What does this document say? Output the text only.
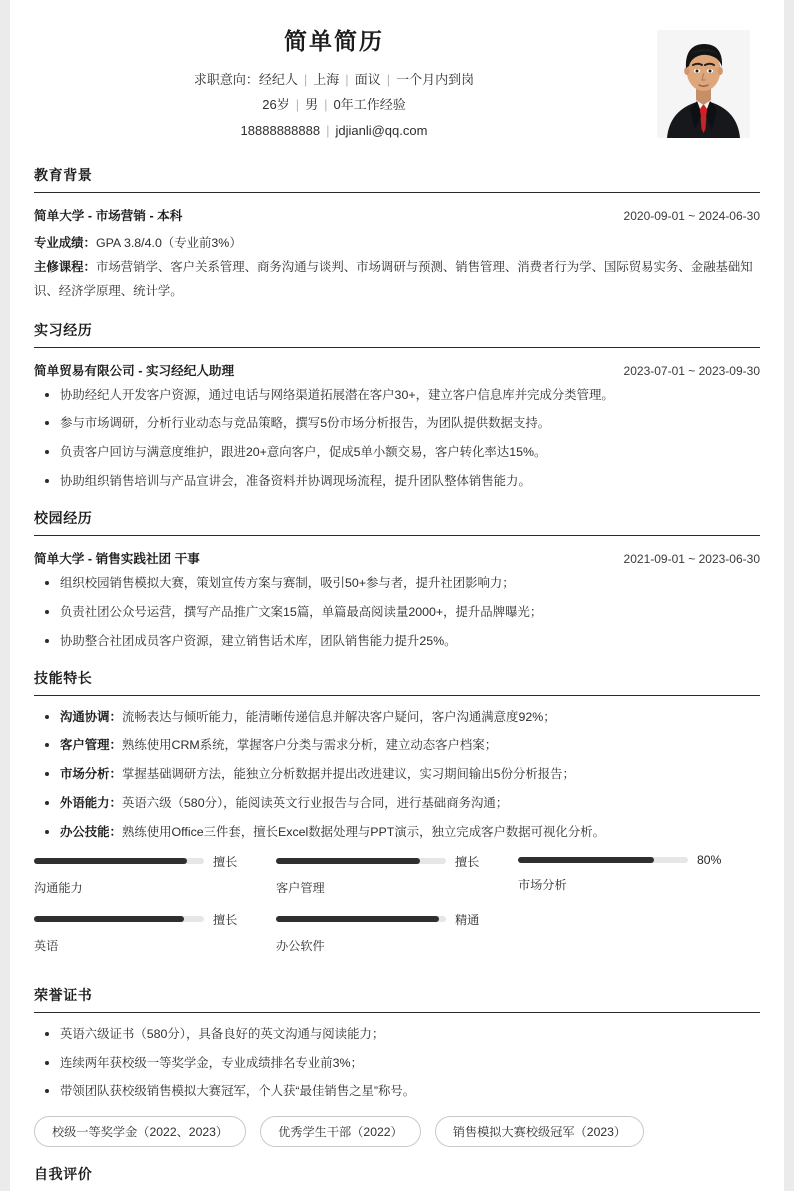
简单简历
求职意向：经纪人 | 上海 | 面议 | 一个月内到岗
26岁 | 男 | 0年工作经验
18888888888 | jdjianli@qq.com
教育背景
简单大学 - 市场营销 - 本科	2020-09-01 ~ 2024-06-30
专业成绩：GPA 3.8/4.0（专业前3%）
主修课程：市场营销学、客户关系管理、商务沟通与谈判、市场调研与预测、销售管理、消费者行为学、国际贸易实务、金融基础知识、经济学原理、统计学。
实习经历
简单贸易有限公司 - 实习经纪人助理	2023-07-01 ~ 2023-09-30
协助经纪人开发客户资源，通过电话与网络渠道拓展潜在客户30+，建立客户信息库并完成分类管理。
参与市场调研，分析行业动态与竞品策略，撰写5份市场分析报告，为团队提供数据支持。
负责客户回访与满意度维护，跟进20+意向客户，促成5单小额交易，客户转化率达15%。
协助组织销售培训与产品宣讲会，准备资料并协调现场流程，提升团队整体销售能力。
校园经历
简单大学 - 销售实践社团 干事	2021-09-01 ~ 2023-06-30
组织校园销售模拟大赛，策划宣传方案与赛制，吸引50+参与者，提升社团影响力；
负责社团公众号运营，撰写产品推广文案15篇，单篇最高阅读量2000+，提升品牌曝光；
协助整合社团成员客户资源，建立销售话术库，团队销售能力提升25%。
技能特长
沟通协调：流畅表达与倾听能力，能清晰传递信息并解决客户疑问，客户沟通满意度92%；
客户管理：熟练使用CRM系统，掌握客户分类与需求分析，建立动态客户档案；
市场分析：掌握基础调研方法，能独立分析数据并提出改进建议，实习期间输出5份分析报告；
外语能力：英语六级（580分），能阅读英文行业报告与合同，进行基础商务沟通；
办公技能：熟练使用Office三件套，擅长Excel数据处理与PPT演示，独立完成客户数据可视化分析。
擅长
沟通能力
擅长
客户管理
80%
市场分析
擅长
英语
精通
办公软件
荣誉证书
英语六级证书（580分），具备良好的英文沟通与阅读能力；
连续两年获校级一等奖学金，专业成绩排名专业前3%；
带领团队获校级销售模拟大赛冠军，个人获“最佳销售之星”称号。
校级一等奖学金（2022、2023）	优秀学生干部（2022）	销售模拟大赛校级冠军（2023）
自我评价
